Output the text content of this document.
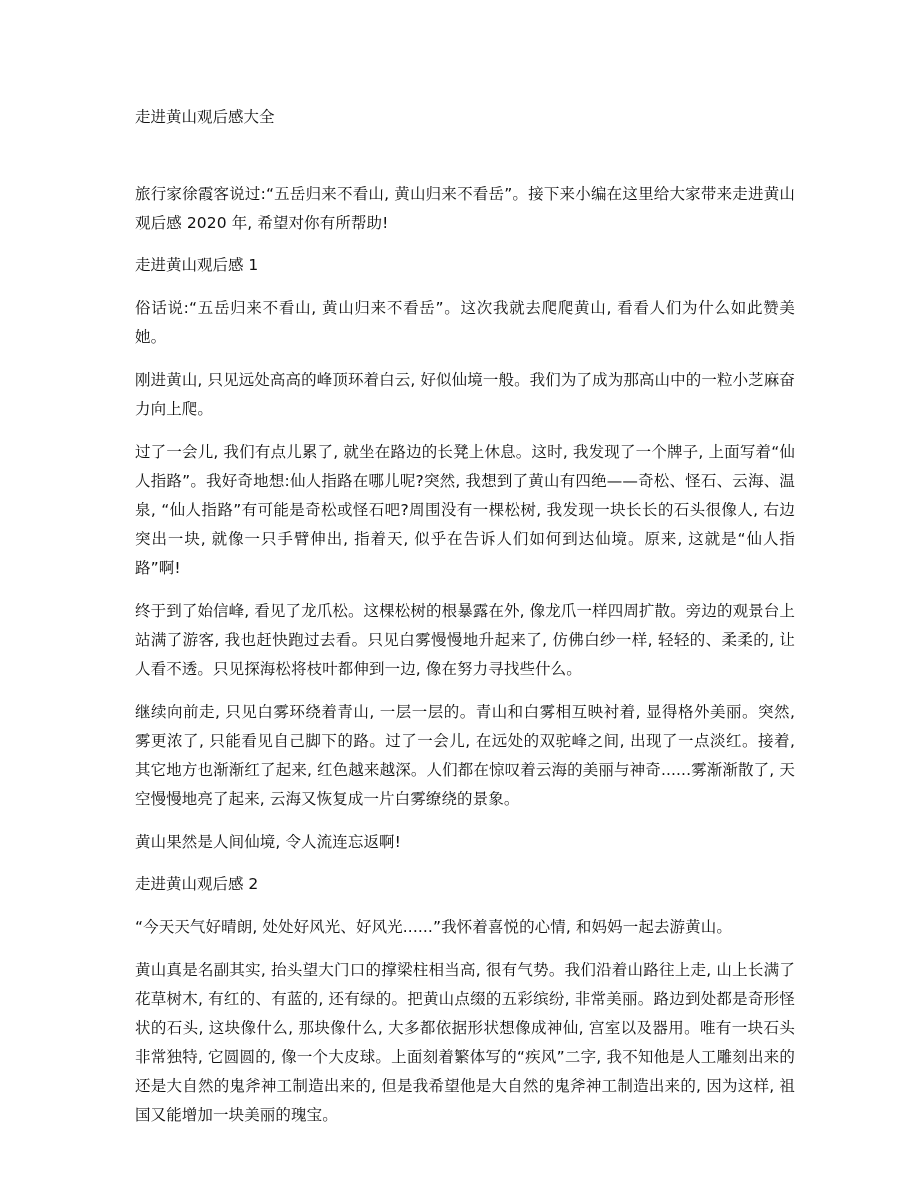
走进黄山观后感大全

旅行家徐霞客说过:“五岳归来不看山, 黄山归来不看岳”。接下来小编在这里给大家带来走进黄山观后感 2020 年, 希望对你有所帮助!

走进黄山观后感 1

俗话说:“五岳归来不看山, 黄山归来不看岳”。这次我就去爬爬黄山, 看看人们为什么如此赞美她。

刚进黄山, 只见远处高高的峰顶环着白云, 好似仙境一般。我们为了成为那高山中的一粒小芝麻奋力向上爬。

过了一会儿, 我们有点儿累了, 就坐在路边的长凳上休息。这时, 我发现了一个牌子, 上面写着“仙人指路”。我好奇地想:仙人指路在哪儿呢?突然, 我想到了黄山有四绝——奇松、怪石、云海、温泉, “仙人指路”有可能是奇松或怪石吧?周围没有一棵松树, 我发现一块长长的石头很像人, 右边突出一块, 就像一只手臂伸出, 指着天, 似乎在告诉人们如何到达仙境。原来, 这就是“仙人指路”啊!

终于到了始信峰, 看见了龙爪松。这棵松树的根暴露在外, 像龙爪一样四周扩散。旁边的观景台上站满了游客, 我也赶快跑过去看。只见白雾慢慢地升起来了, 仿佛白纱一样, 轻轻的、柔柔的, 让人看不透。只见探海松将枝叶都伸到一边, 像在努力寻找些什么。

继续向前走, 只见白雾环绕着青山, 一层一层的。青山和白雾相互映衬着, 显得格外美丽。突然, 雾更浓了, 只能看见自己脚下的路。过了一会儿, 在远处的双驼峰之间, 出现了一点淡红。接着, 其它地方也渐渐红了起来, 红色越来越深。人们都在惊叹着云海的美丽与神奇......雾渐渐散了, 天空慢慢地亮了起来, 云海又恢复成一片白雾缭绕的景象。

黄山果然是人间仙境, 令人流连忘返啊!

走进黄山观后感 2

“今天天气好晴朗, 处处好风光、好风光......”我怀着喜悦的心情, 和妈妈一起去游黄山。

黄山真是名副其实, 抬头望大门口的撑梁柱相当高, 很有气势。我们沿着山路往上走, 山上长满了花草树木, 有红的、有蓝的, 还有绿的。把黄山点缀的五彩缤纷, 非常美丽。路边到处都是奇形怪状的石头, 这块像什么, 那块像什么, 大多都依据形状想像成神仙, 宫室以及器用。唯有一块石头非常独特, 它圆圆的, 像一个大皮球。上面刻着繁体写的“疾风”二字, 我不知他是人工雕刻出来的还是大自然的鬼斧神工制造出来的, 但是我希望他是大自然的鬼斧神工制造出来的, 因为这样, 祖国又能增加一块美丽的瑰宝。
